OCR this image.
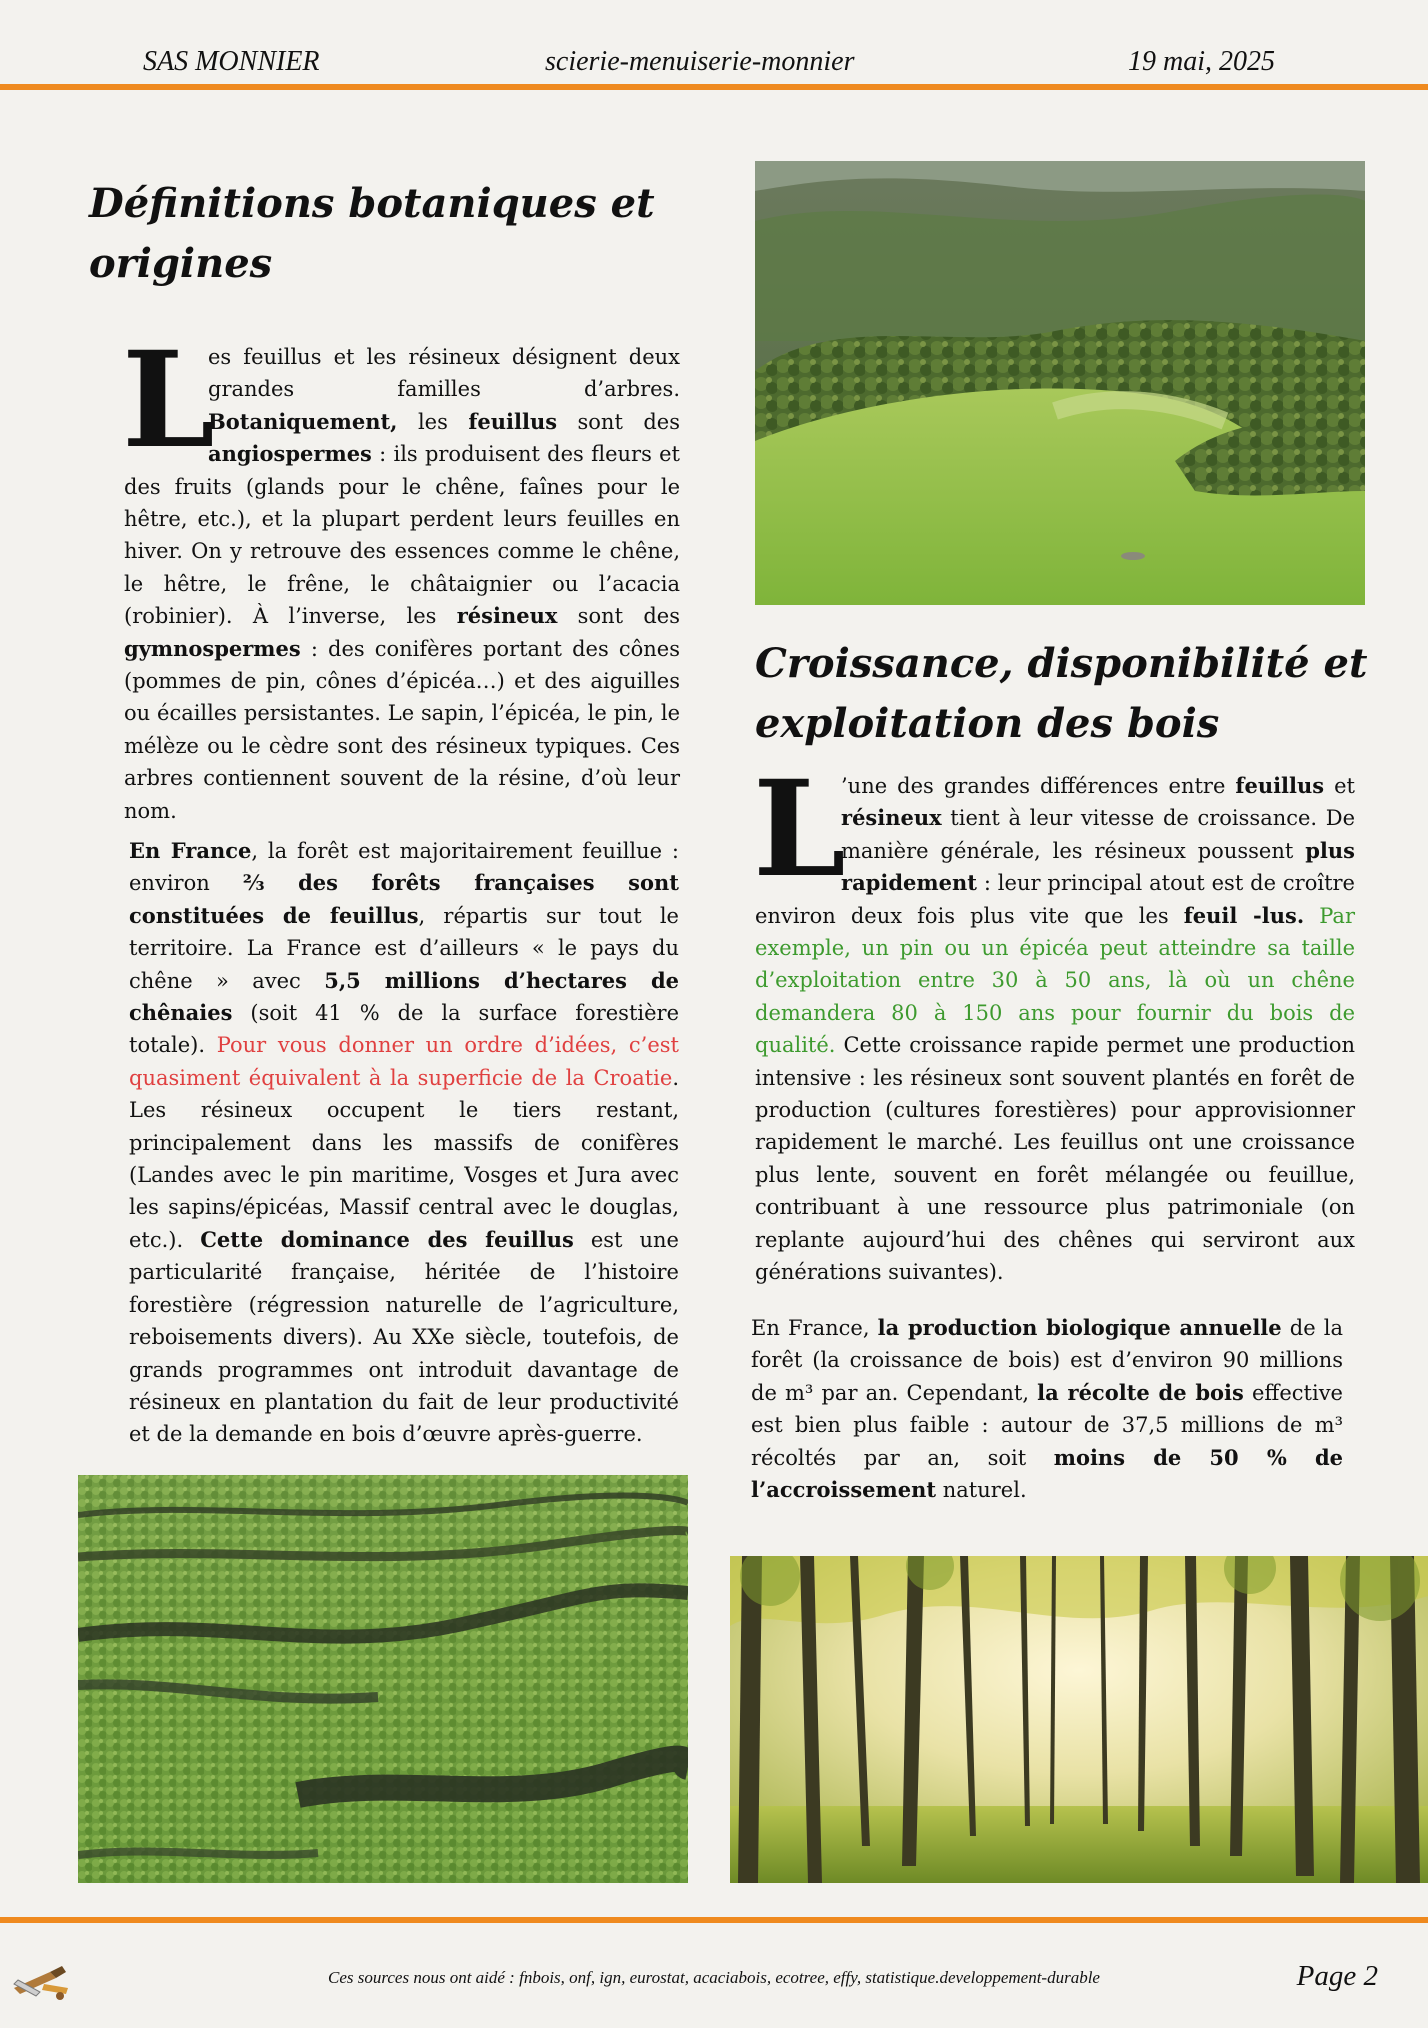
SAS MONNIER	scierie-menuiserie-monnier	19 mai, 2025
Définitions botaniques et
origines
L
es feuillus et les résineux désignent deux grandes familles d’arbres. Botaniquement, les feuillus sont des angiospermes : ils produisent des fleurs et des fruits (glands pour le chêne, faînes pour le hêtre, etc.), et la plupart perdent leurs feuilles en hiver. On y retrouve des essences comme le chêne, le hêtre, le frêne, le châtaignier ou l’acacia (robinier). À l’inverse, les résineux sont des gymnospermes : des conifères portant des cônes (pommes de pin, cônes d’épicéa…) et des aiguilles ou écailles persistantes. Le sapin, l’épicéa, le pin, le mélèze ou le cèdre sont des résineux typiques. Ces arbres contiennent souvent de la résine, d’où leur nom.
En France, la forêt est majoritairement feuillue : environ ⅔ des forêts françaises sont constituées de feuillus, répartis sur tout le territoire. La France est d’ailleurs « le pays du chêne » avec 5,5 millions d’hectares de chênaies (soit 41 % de la surface forestière totale). Pour vous donner un ordre d’idées, c’est quasiment équivalent à la superficie de la Croatie. Les résineux occupent le tiers restant, principalement dans les massifs de conifères (Landes avec le pin maritime, Vosges et Jura avec les sapins/épicéas, Massif central avec le douglas, etc.). Cette dominance des feuillus est une particularité française, héritée de l’histoire forestière (régression naturelle de l’agriculture, reboisements divers). Au XXe siècle, toutefois, de grands programmes ont introduit davantage de résineux en plantation du fait de leur productivité et de la demande en bois d’œuvre après-guerre.
Croissance, disponibilité et
exploitation des bois
L
’une des grandes différences entre feuillus et résineux tient à leur vitesse de croissance. De manière générale, les résineux poussent plus rapidement : leur principal atout est de croître environ deux fois plus vite que les feuil -lus. Par exemple, un pin ou un épicéa peut atteindre sa taille d’exploitation entre 30 à 50 ans, là où un chêne demandera 80 à 150 ans pour fournir du bois de qualité. Cette croissance rapide permet une production intensive : les résineux sont souvent plantés en forêt de production (cultures forestières) pour approvisionner rapidement le marché. Les feuillus ont une croissance plus lente, souvent en forêt mélangée ou feuillue, contribuant à une ressource plus patrimoniale (on replante aujourd’hui des chênes qui serviront aux générations suivantes).
En France, la production biologique annuelle de la forêt (la croissance de bois) est d’environ 90 millions de m³ par an. Cependant, la récolte de bois effective est bien plus faible : autour de 37,5 millions de m³ récoltés par an, soit moins de 50 % de l’accroissement naturel.
Ces sources nous ont aidé : fnbois, onf, ign, eurostat, acaciabois, ecotree, effy, statistique.developpement-durable	Page 2
